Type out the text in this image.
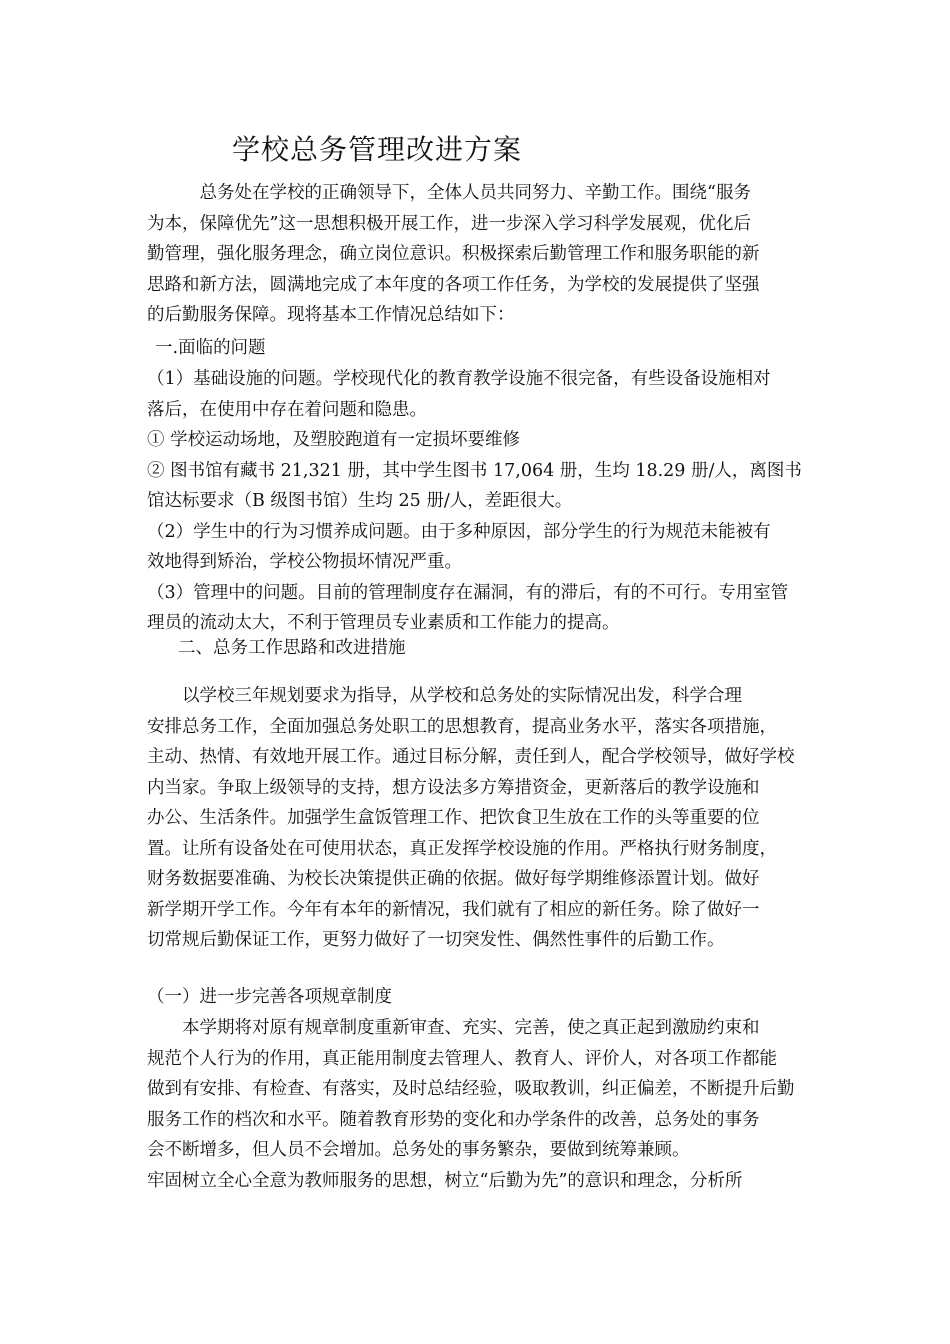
学校总务管理改进方案
　　　总务处在学校的正确领导下，全体人员共同努力、辛勤工作。围绕“服务
为本，保障优先”这一思想积极开展工作，进一步深入学习科学发展观，优化后
勤管理，强化服务理念，确立岗位意识。积极探索后勤管理工作和服务职能的新
思路和新方法，圆满地完成了本年度的各项工作任务，为学校的发展提供了坚强
的后勤服务保障。现将基本工作情况总结如下：
一.面临的问题
（1）基础设施的问题。学校现代化的教育教学设施不很完备，有些设备设施相对
落后，在使用中存在着问题和隐患。
① 学校运动场地，及塑胶跑道有一定损坏要维修
② 图书馆有藏书 21,321 册，其中学生图书 17,064 册，生均 18.29 册/人，离图书
馆达标要求（B 级图书馆）生均 25 册/人，差距很大。
（2）学生中的行为习惯养成问题。由于多种原因，部分学生的行为规范未能被有
效地得到矫治，学校公物损坏情况严重。
（3）管理中的问题。目前的管理制度存在漏洞，有的滞后，有的不可行。专用室管
理员的流动太大，不利于管理员专业素质和工作能力的提高。
二、总务工作思路和改进措施
　　以学校三年规划要求为指导，从学校和总务处的实际情况出发，科学合理
安排总务工作，全面加强总务处职工的思想教育，提高业务水平，落实各项措施，
主动、热情、有效地开展工作。通过目标分解，责任到人，配合学校领导，做好学校
内当家。争取上级领导的支持，想方设法多方筹措资金，更新落后的教学设施和
办公、生活条件。加强学生盒饭管理工作、把饮食卫生放在工作的头等重要的位
置。让所有设备处在可使用状态，真正发挥学校设施的作用。严格执行财务制度，
财务数据要准确、为校长决策提供正确的依据。做好每学期维修添置计划。做好
新学期开学工作。今年有本年的新情况，我们就有了相应的新任务。除了做好一
切常规后勤保证工作，更努力做好了一切突发性、偶然性事件的后勤工作。
（一）进一步完善各项规章制度
　　本学期将对原有规章制度重新审查、充实、完善，使之真正起到激励约束和
规范个人行为的作用，真正能用制度去管理人、教育人、评价人，对各项工作都能
做到有安排、有检查、有落实，及时总结经验，吸取教训，纠正偏差，不断提升后勤
服务工作的档次和水平。随着教育形势的变化和办学条件的改善，总务处的事务
会不断增多，但人员不会增加。总务处的事务繁杂，要做到统筹兼顾。
牢固树立全心全意为教师服务的思想，树立“后勤为先”的意识和理念，分析所
